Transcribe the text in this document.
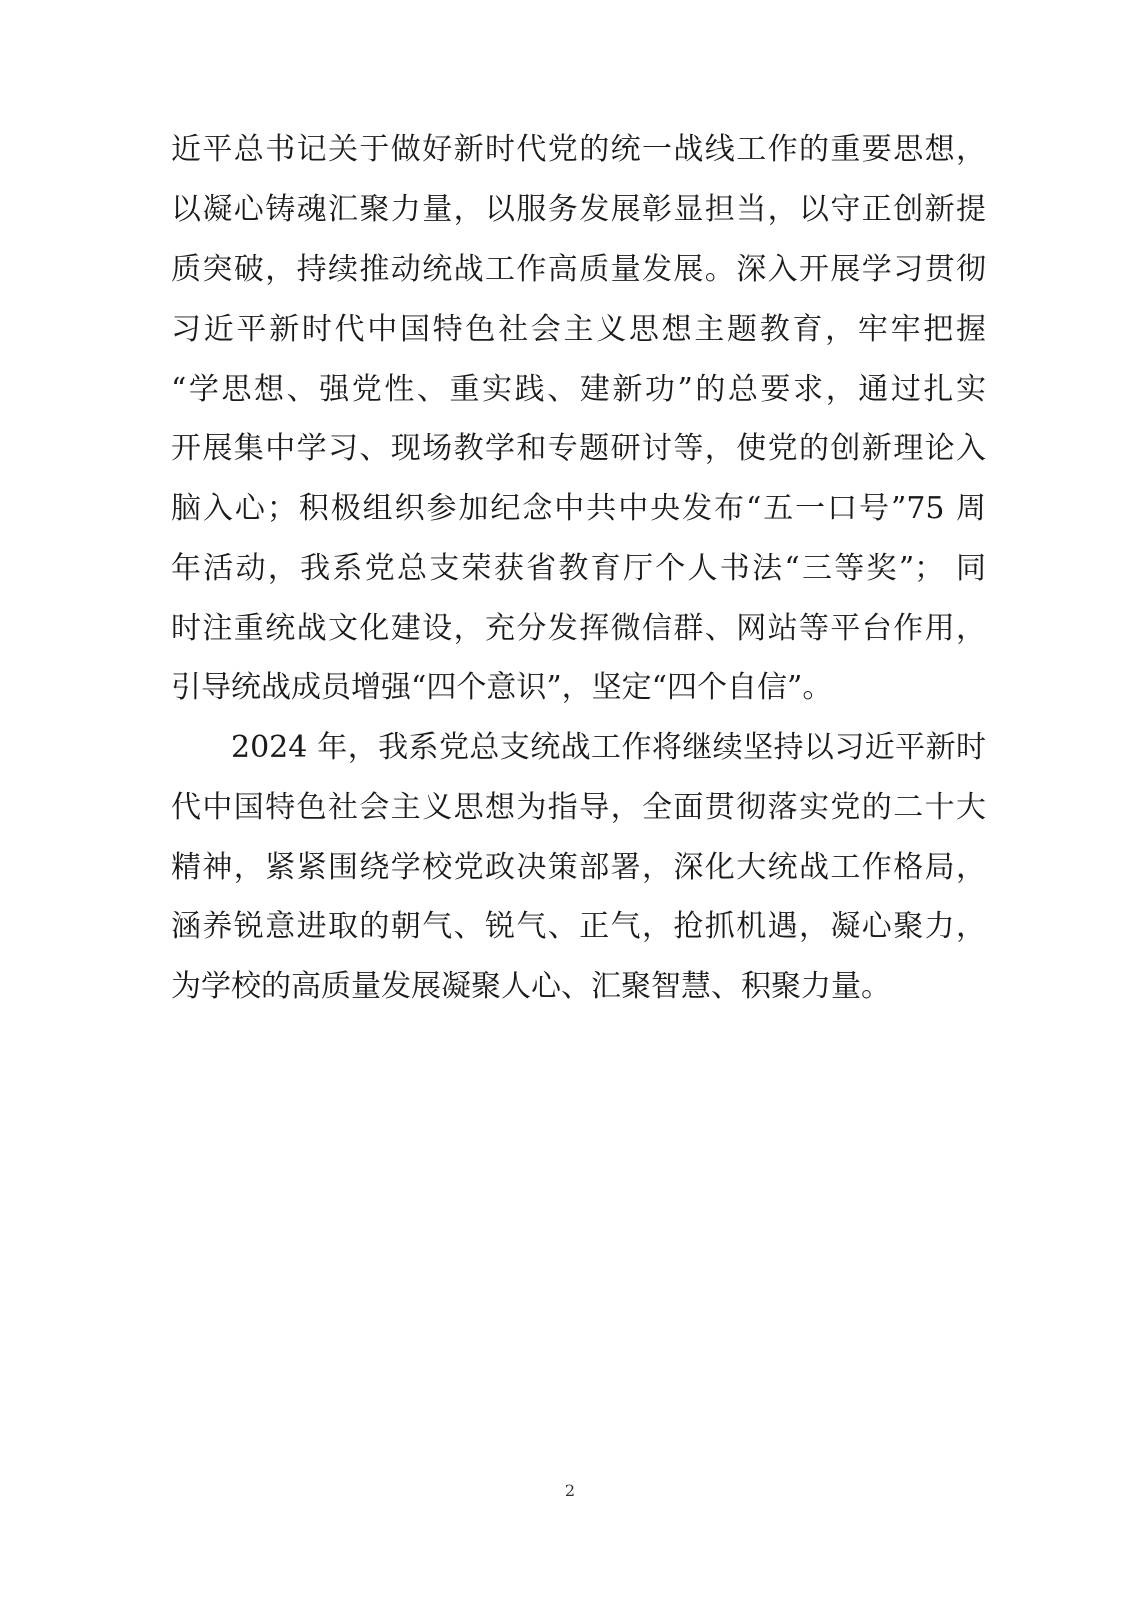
近平总书记关于做好新时代党的统一战线工作的重要思想，
以凝心铸魂汇聚力量，以服务发展彰显担当，以守正创新提
质突破，持续推动统战工作高质量发展。深入开展学习贯彻
习近平新时代中国特色社会主义思想主题教育，牢牢把握
“学思想、强党性、重实践、建新功”的总要求，通过扎实
开展集中学习、现场教学和专题研讨等，使党的创新理论入
脑入心；积极组织参加纪念中共中央发布“五一口号”75 周
年活动，我系党总支荣获省教育厅个人书法“三等奖”； 同
时注重统战文化建设，充分发挥微信群、网站等平台作用，
引导统战成员增强“四个意识”，坚定“四个自信”。
2024 年，我系党总支统战工作将继续坚持以习近平新时
代中国特色社会主义思想为指导，全面贯彻落实党的二十大
精神，紧紧围绕学校党政决策部署，深化大统战工作格局，
涵养锐意进取的朝气、锐气、正气，抢抓机遇，凝心聚力，
为学校的高质量发展凝聚人心、汇聚智慧、积聚力量。
2
